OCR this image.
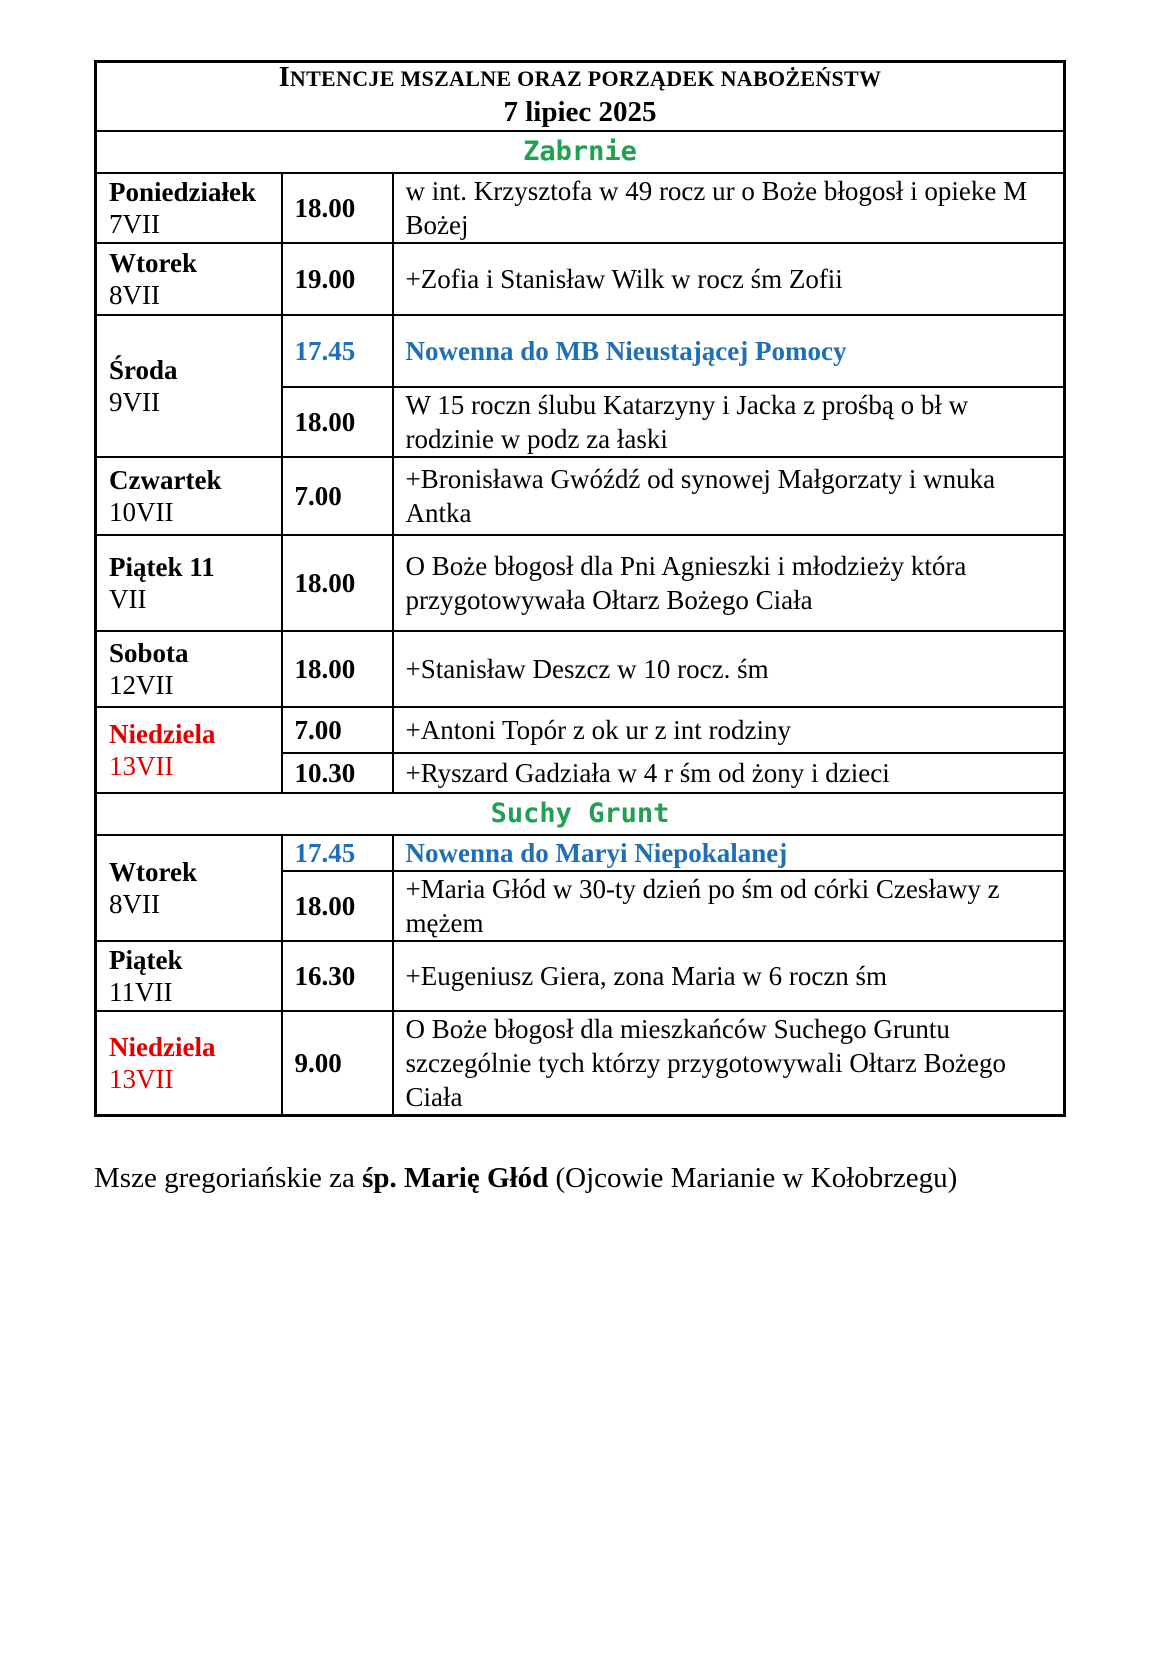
INTENCJE MSZALNE ORAZ PORZĄDEK NABOŻEŃSTW
7 lipiec 2025		

Zabrnie		

Poniedziałek
7VII	18.00	w int. Krzysztofa w 49 rocz ur o Boże błogosł i opieke M Bożej

Wtorek
8VII	19.00	+Zofia i Stanisław Wilk w rocz śm Zofii

Środa
9VII	17.45	Nowenna do MB Nieustającej Pomocy
	18.00	W 15 roczn ślubu Katarzyny i Jacka z prośbą o bł w rodzinie w podz za łaski

Czwartek
10VII	7.00	+Bronisława Gwóźdź od synowej Małgorzaty i wnuka Antka

Piątek 11
VII	18.00	O Boże błogosł dla Pni Agnieszki i młodzieży która przygotowywała Ołtarz Bożego Ciała

Sobota
12VII	18.00	+Stanisław Deszcz w 10 rocz. śm

Niedziela
13VII	7.00	+Antoni Topór z ok ur z int rodziny
	10.30	+Ryszard Gadziała w 4 r śm od żony i dzieci
Suchy Grunt		

Wtorek
8VII	17.45	Nowenna do Maryi Niepokalanej
	18.00	+Maria Głód w 30-ty dzień po śm od córki Czesławy z mężem

Piątek
11VII	16.30	+Eugeniusz Giera, zona Maria w 6 roczn śm

Niedziela
13VII	9.00	O Boże błogosł dla mieszkańców Suchego Gruntu szczególnie tych którzy przygotowywali Ołtarz Bożego Ciała
Msze gregoriańskie za śp. Marię Głód (Ojcowie Marianie w Kołobrzegu)
